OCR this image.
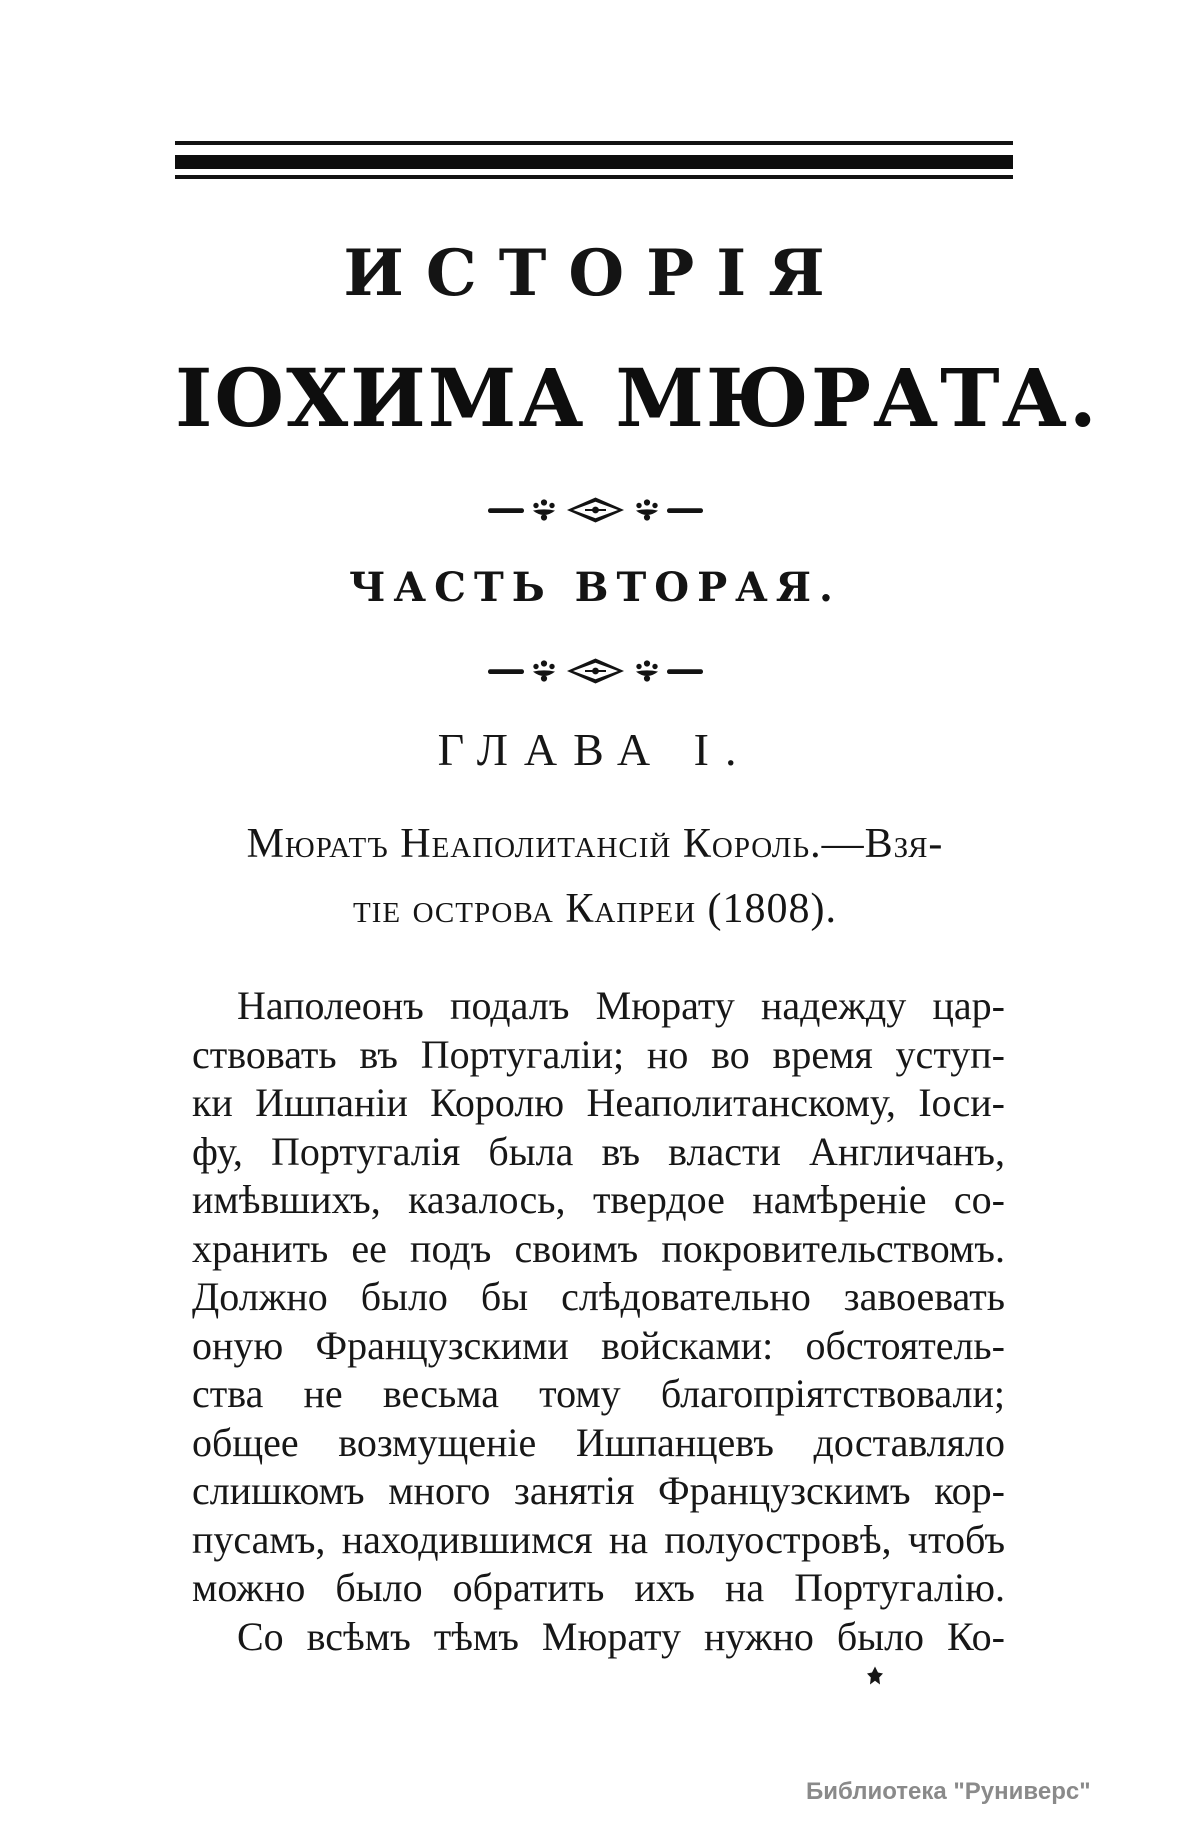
ИСТОРІЯ
ІОХИМА МЮРАТА.
ЧАСТЬ ВТОРАЯ.
ГЛАВА I.
Мюратъ Неаполитансій Король.—Взя-
тіе острова Капреи (1808).
Наполеонъ подалъ Мюрату надежду цар-
ствовать въ Португаліи; но во время уступ-
ки Ишпаніи Королю Неаполитанскому, Іоси-
фу, Португалія была въ власти Англичанъ,
имѣвшихъ, казалось, твердое намѣреніе со-
хранить ее подъ своимъ покровительствомъ.
Должно было бы слѣдовательно завоевать
оную Французскими войсками: обстоятель-
ства не весьма тому благопріятствовали;
общее возмущеніе Ишпанцевъ доставляло
слишкомъ много занятія Французскимъ кор-
пусамъ, находившимся на полуостровѣ, чтобъ
можно было обратить ихъ на Португалію.
Со всѣмъ тѣмъ Мюрату нужно было Ко-
Библиотека "Руниверс"
